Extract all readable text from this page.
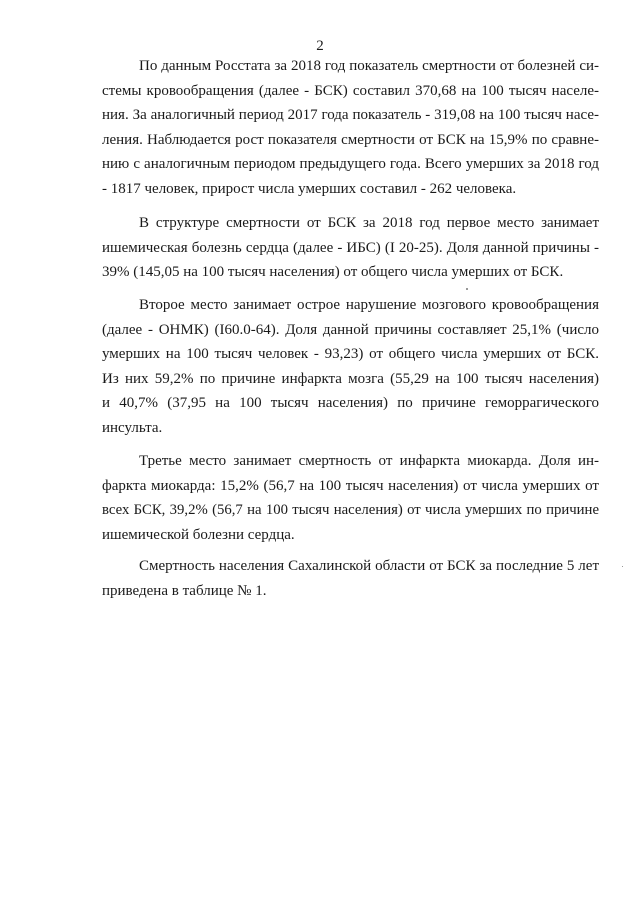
2
По данным Росстата за 2018 год показатель смертности от болезней си-
стемы кровообращения (далее - БСК) составил 370,68 на 100 тысяч населе-
ния. За аналогичный период 2017 года показатель - 319,08 на 100 тысяч насе-
ления. Наблюдается рост показателя смертности от БСК на 15,9% по сравне-
нию с аналогичным периодом предыдущего года. Всего умерших за 2018 год
- 1817 человек, прирост числа умерших составил - 262 человека.
В структуре смертности от БСК за 2018 год первое место занимает
ишемическая болезнь сердца (далее - ИБС) (I 20-25). Доля данной причины -
39% (145,05 на 100 тысяч населения) от общего числа умерших от БСК.
Второе место занимает острое нарушение мозгового кровообращения
(далее - ОНМК) (I60.0-64). Доля данной причины составляет 25,1% (число
умерших на 100 тысяч человек - 93,23) от общего числа умерших от БСК.
Из них 59,2% по причине инфаркта мозга (55,29 на 100 тысяч населения)
и 40,7% (37,95 на 100 тысяч населения) по причине геморрагического
инсульта.
Третье место занимает смертность от инфаркта миокарда. Доля ин-
фаркта миокарда: 15,2% (56,7 на 100 тысяч населения) от числа умерших от
всех БСК, 39,2% (56,7 на 100 тысяч населения) от числа умерших по причине
ишемической болезни сердца.
Смертность населения Сахалинской области от БСК за последние 5 лет
приведена в таблице № 1.
